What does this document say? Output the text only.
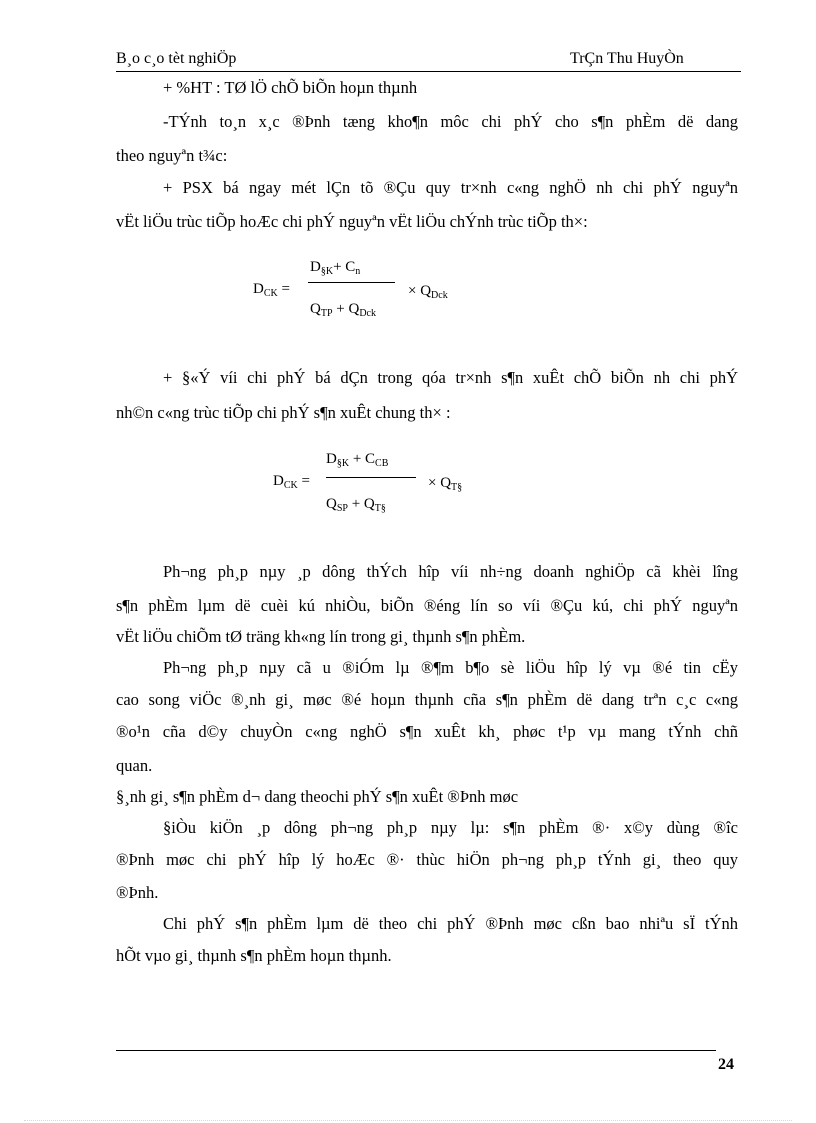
B¸o c¸o tèt nghiÖp	TrÇn Thu HuyÒn
+ %HT : TØ lÖ chÕ biÕn hoµn thµnh
-TÝnh to¸n x¸c ®Þnh tæng kho¶n môc chi phÝ cho s¶n phÈm dë dang
theo nguyªn t¾c:
+ PSX bá ngay mét lÇn tõ ®Çu quy tr×nh c«ng nghÖ nh chi phÝ nguyªn
vËt liÖu trùc tiÕp hoÆc chi phÝ nguyªn vËt liÖu chÝnh trùc tiÕp th×:
$D_{CK}$ =
$D_{\S K}+ C_n$
$Q_{TP} + Q_{Dck}$
× $Q_{Dck}$
+ §«Ý víi chi phÝ bá dÇn trong qóa tr×nh s¶n xuÊt chÕ biÕn nh chi phÝ
nh©n c«ng trùc tiÕp chi phÝ s¶n xuÊt chung th× :
$D_{CK}$ =
$D_{\S K} + C_{CB}$
$Q_{SP} + Q_{T\S}$
× $Q_{T\S}$
Ph¬ng ph¸p nµy ¸p dông thÝch hîp víi nh÷ng doanh nghiÖp cã khèi lîng
s¶n phÈm lµm dë cuèi kú nhiÒu, biÕn ®éng lín so víi ®Çu kú, chi phÝ nguyªn
vËt liÖu chiÕm tØ träng kh«ng lín trong gi¸ thµnh s¶n phÈm.
Ph¬ng ph¸p nµy cã u ®iÓm lµ ®¶m b¶o sè liÖu hîp lý vµ ®é tin cËy
cao song viÖc ®¸nh gi¸ møc ®é hoµn thµnh cña s¶n phÈm dë dang trªn c¸c c«ng
®o¹n cña d©y chuyÒn c«ng nghÖ s¶n xuÊt kh¸ phøc t¹p vµ mang tÝnh chñ
quan.
§¸nh gi¸ s¶n phÈm d¬ dang theochi phÝ s¶n xuÊt ®Þnh møc
§iÒu kiÖn ¸p dông ph¬ng ph¸p nµy lµ: s¶n phÈm ®· x©y dùng ®îc
®Þnh møc chi phÝ hîp lý hoÆc ®· thùc hiÖn ph¬ng ph¸p tÝnh gi¸ theo quy
®Þnh.
Chi phÝ s¶n phÈm lµm dë theo chi phÝ ®Þnh møc cßn bao nhiªu sÏ tÝnh
hÕt vµo gi¸ thµnh s¶n phÈm hoµn thµnh.
24
